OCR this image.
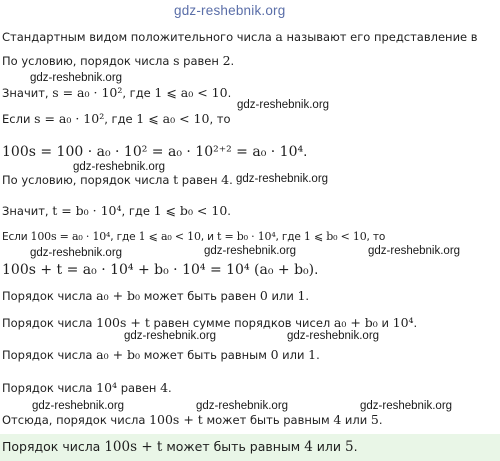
gdz-reshebnik.org
Стандартным видом положительного числа a называют его представление в
По условию, порядок числа s равен 2.
gdz-reshebnik.org
Значит, s = a₀ · 10², где 1 ⩽ a₀ < 10.
gdz-reshebnik.org
Если s = a₀ · 10², где 1 ⩽ a₀ < 10, то
100s = 100 · a₀ · 10² = a₀ · 10²⁺² = a₀ · 10⁴.
gdz-reshebnik.org
По условию, порядок числа t равен 4. gdz-reshebnik.org
Значит, t = b₀ · 10⁴, где 1 ⩽ b₀ < 10.
Если 100s = a₀ · 10⁴, где 1 ⩽ a₀ < 10, и t = b₀ · 10⁴, где 1 ⩽ b₀ < 10, то
gdz-reshebnik.org	gdz-reshebnik.org	gdz-reshebnik.org
100s + t = a₀ · 10⁴ + b₀ · 10⁴ = 10⁴ (a₀ + b₀).
Порядок числа a₀ + b₀ может быть равен 0 или 1.
Порядок числа 100s + t равен сумме порядков чисел a₀ + b₀ и 10⁴.
gdz-reshebnik.org	gdz-reshebnik.org
Порядок числа a₀ + b₀ может быть равным 0 или 1.
Порядок числа 10⁴ равен 4.
gdz-reshebnik.org	gdz-reshebnik.org	gdz-reshebnik.org
Отсюда, порядок числа 100s + t может быть равным 4 или 5.
Порядок числа 100s + t может быть равным 4 или 5.
